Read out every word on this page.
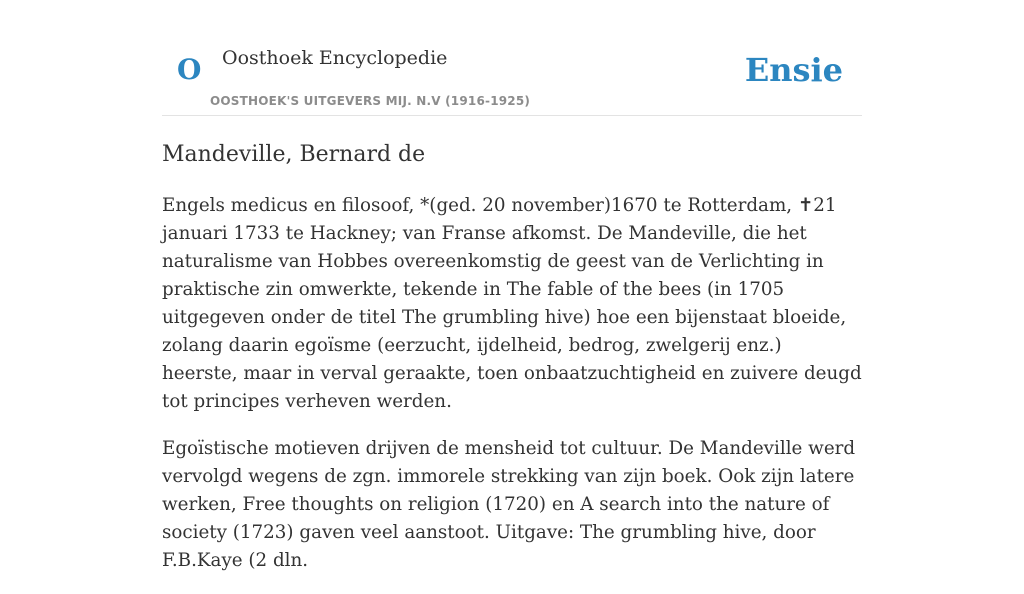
O Oosthoek Encyclopedie
OOSTHOEK'S UITGEVERS MIJ. N.V (1916-1925)
Ensie
Mandeville, Bernard de

Engels medicus en filosoof, *(ged. 20 november)1670 te Rotterdam, ✝21 januari 1733 te Hackney; van Franse afkomst. De Mandeville, die het naturalisme van Hobbes overeenkomstig de geest van de Verlichting in praktische zin omwerkte, tekende in The fable of the bees (in 1705 uitgegeven onder de titel The grumbling hive) hoe een bijenstaat bloeide, zolang daarin egoïsme (eerzucht, ijdelheid, bedrog, zwelgerij enz.) heerste, maar in verval geraakte, toen onbaatzuchtigheid en zuivere deugd tot principes verheven werden.

Egoïstische motieven drijven de mensheid tot cultuur. De Mandeville werd vervolgd wegens de zgn. immorele strekking van zijn boek. Ook zijn latere werken, Free thoughts on religion (1720) en A search into the nature of society (1723) gaven veel aanstoot. Uitgave: The grumbling hive, door F.B.Kaye (2 dln.
